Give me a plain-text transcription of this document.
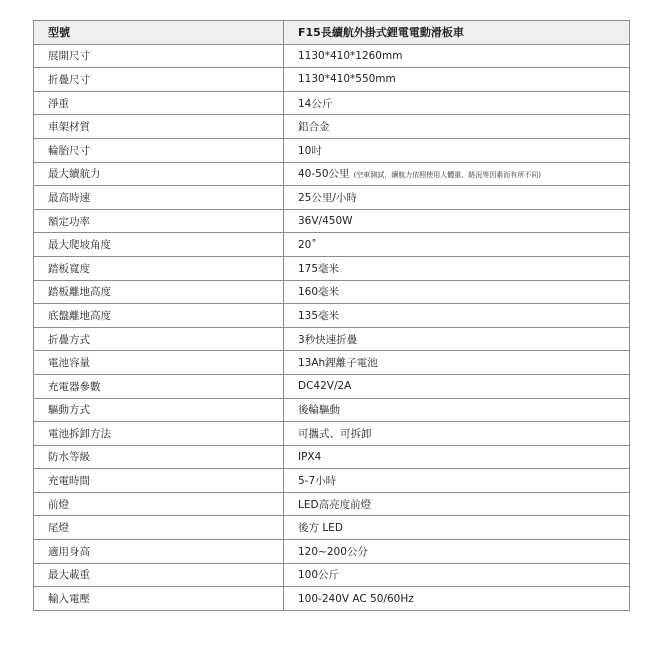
型號	F15長續航外掛式鋰電電動滑板車
展開尺寸	1130*410*1260mm
折疊尺寸	1130*410*550mm
淨重	14公斤
車架材質	鋁合金
輪胎尺寸	10吋
最大續航力	40-50公里 (空車測試，續航力依照使用人體重、路況等因素而有所不同)
最高時速	25公里/小時
額定功率	36V/450W
最大爬坡角度	20˚
踏板寬度	175毫米
踏板離地高度	160毫米
底盤離地高度	135毫米
折疊方式	3秒快速折疊
電池容量	13Ah鋰離子電池
充電器參數	DC42V/2A
驅動方式	後輪驅動
電池拆卸方法	可攜式、可拆卸
防水等級	IPX4
充電時間	5-7小時
前燈	LED高亮度前燈
尾燈	後方 LED
適用身高	120~200公分
最大載重	100公斤
輸入電壓	100-240V AC 50/60Hz
